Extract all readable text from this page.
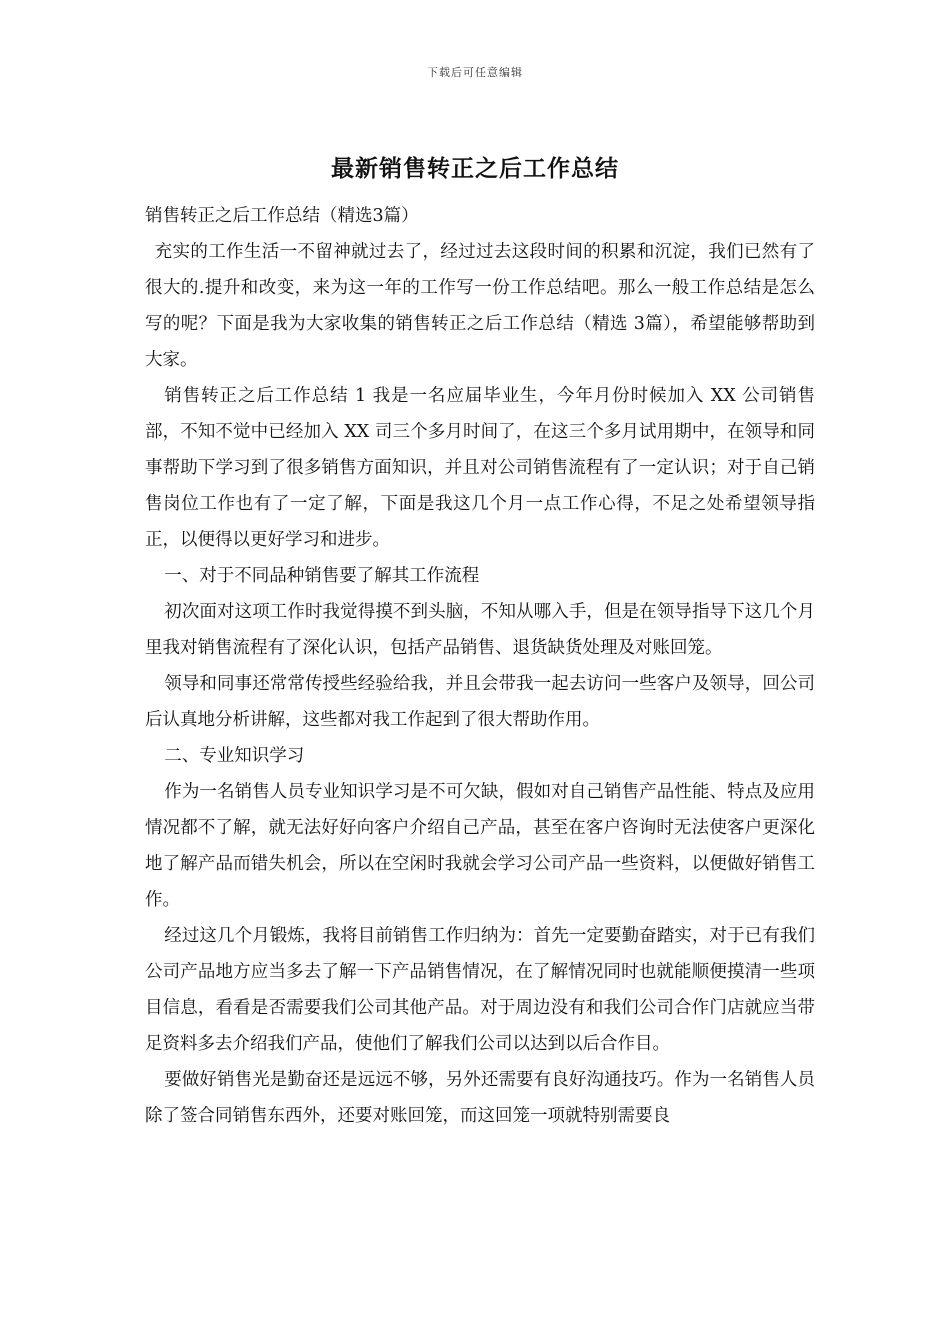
下载后可任意编辑
最新销售转正之后工作总结

销售转正之后工作总结（精选3篇）

充实的工作生活一不留神就过去了，经过过去这段时间的积累和沉淀，我们已然有了很大的.提升和改变，来为这一年的工作写一份工作总结吧。那么一般工作总结是怎么写的呢？下面是我为大家收集的销售转正之后工作总结（精选 3篇），希望能够帮助到大家。

销售转正之后工作总结 1 我是一名应届毕业生，今年月份时候加入 XX 公司销售部，不知不觉中已经加入 XX 司三个多月时间了，在这三个多月试用期中，在领导和同事帮助下学习到了很多销售方面知识，并且对公司销售流程有了一定认识；对于自己销售岗位工作也有了一定了解，下面是我这几个月一点工作心得，不足之处希望领导指正，以便得以更好学习和进步。

一、对于不同品种销售要了解其工作流程

初次面对这项工作时我觉得摸不到头脑，不知从哪入手，但是在领导指导下这几个月里我对销售流程有了深化认识，包括产品销售、退货缺货处理及对账回笼。

领导和同事还常常传授些经验给我，并且会带我一起去访问一些客户及领导，回公司后认真地分析讲解，这些都对我工作起到了很大帮助作用。

二、专业知识学习

作为一名销售人员专业知识学习是不可欠缺，假如对自己销售产品性能、特点及应用情况都不了解，就无法好好向客户介绍自己产品，甚至在客户咨询时无法使客户更深化地了解产品而错失机会，所以在空闲时我就会学习公司产品一些资料，以便做好销售工作。

经过这几个月锻炼，我将目前销售工作归纳为：首先一定要勤奋踏实，对于已有我们公司产品地方应当多去了解一下产品销售情况，在了解情况同时也就能顺便摸清一些项目信息，看看是否需要我们公司其他产品。对于周边没有和我们公司合作门店就应当带足资料多去介绍我们产品，使他们了解我们公司以达到以后合作目。

要做好销售光是勤奋还是远远不够，另外还需要有良好沟通技巧。作为一名销售人员除了签合同销售东西外，还要对账回笼，而这回笼一项就特别需要良
